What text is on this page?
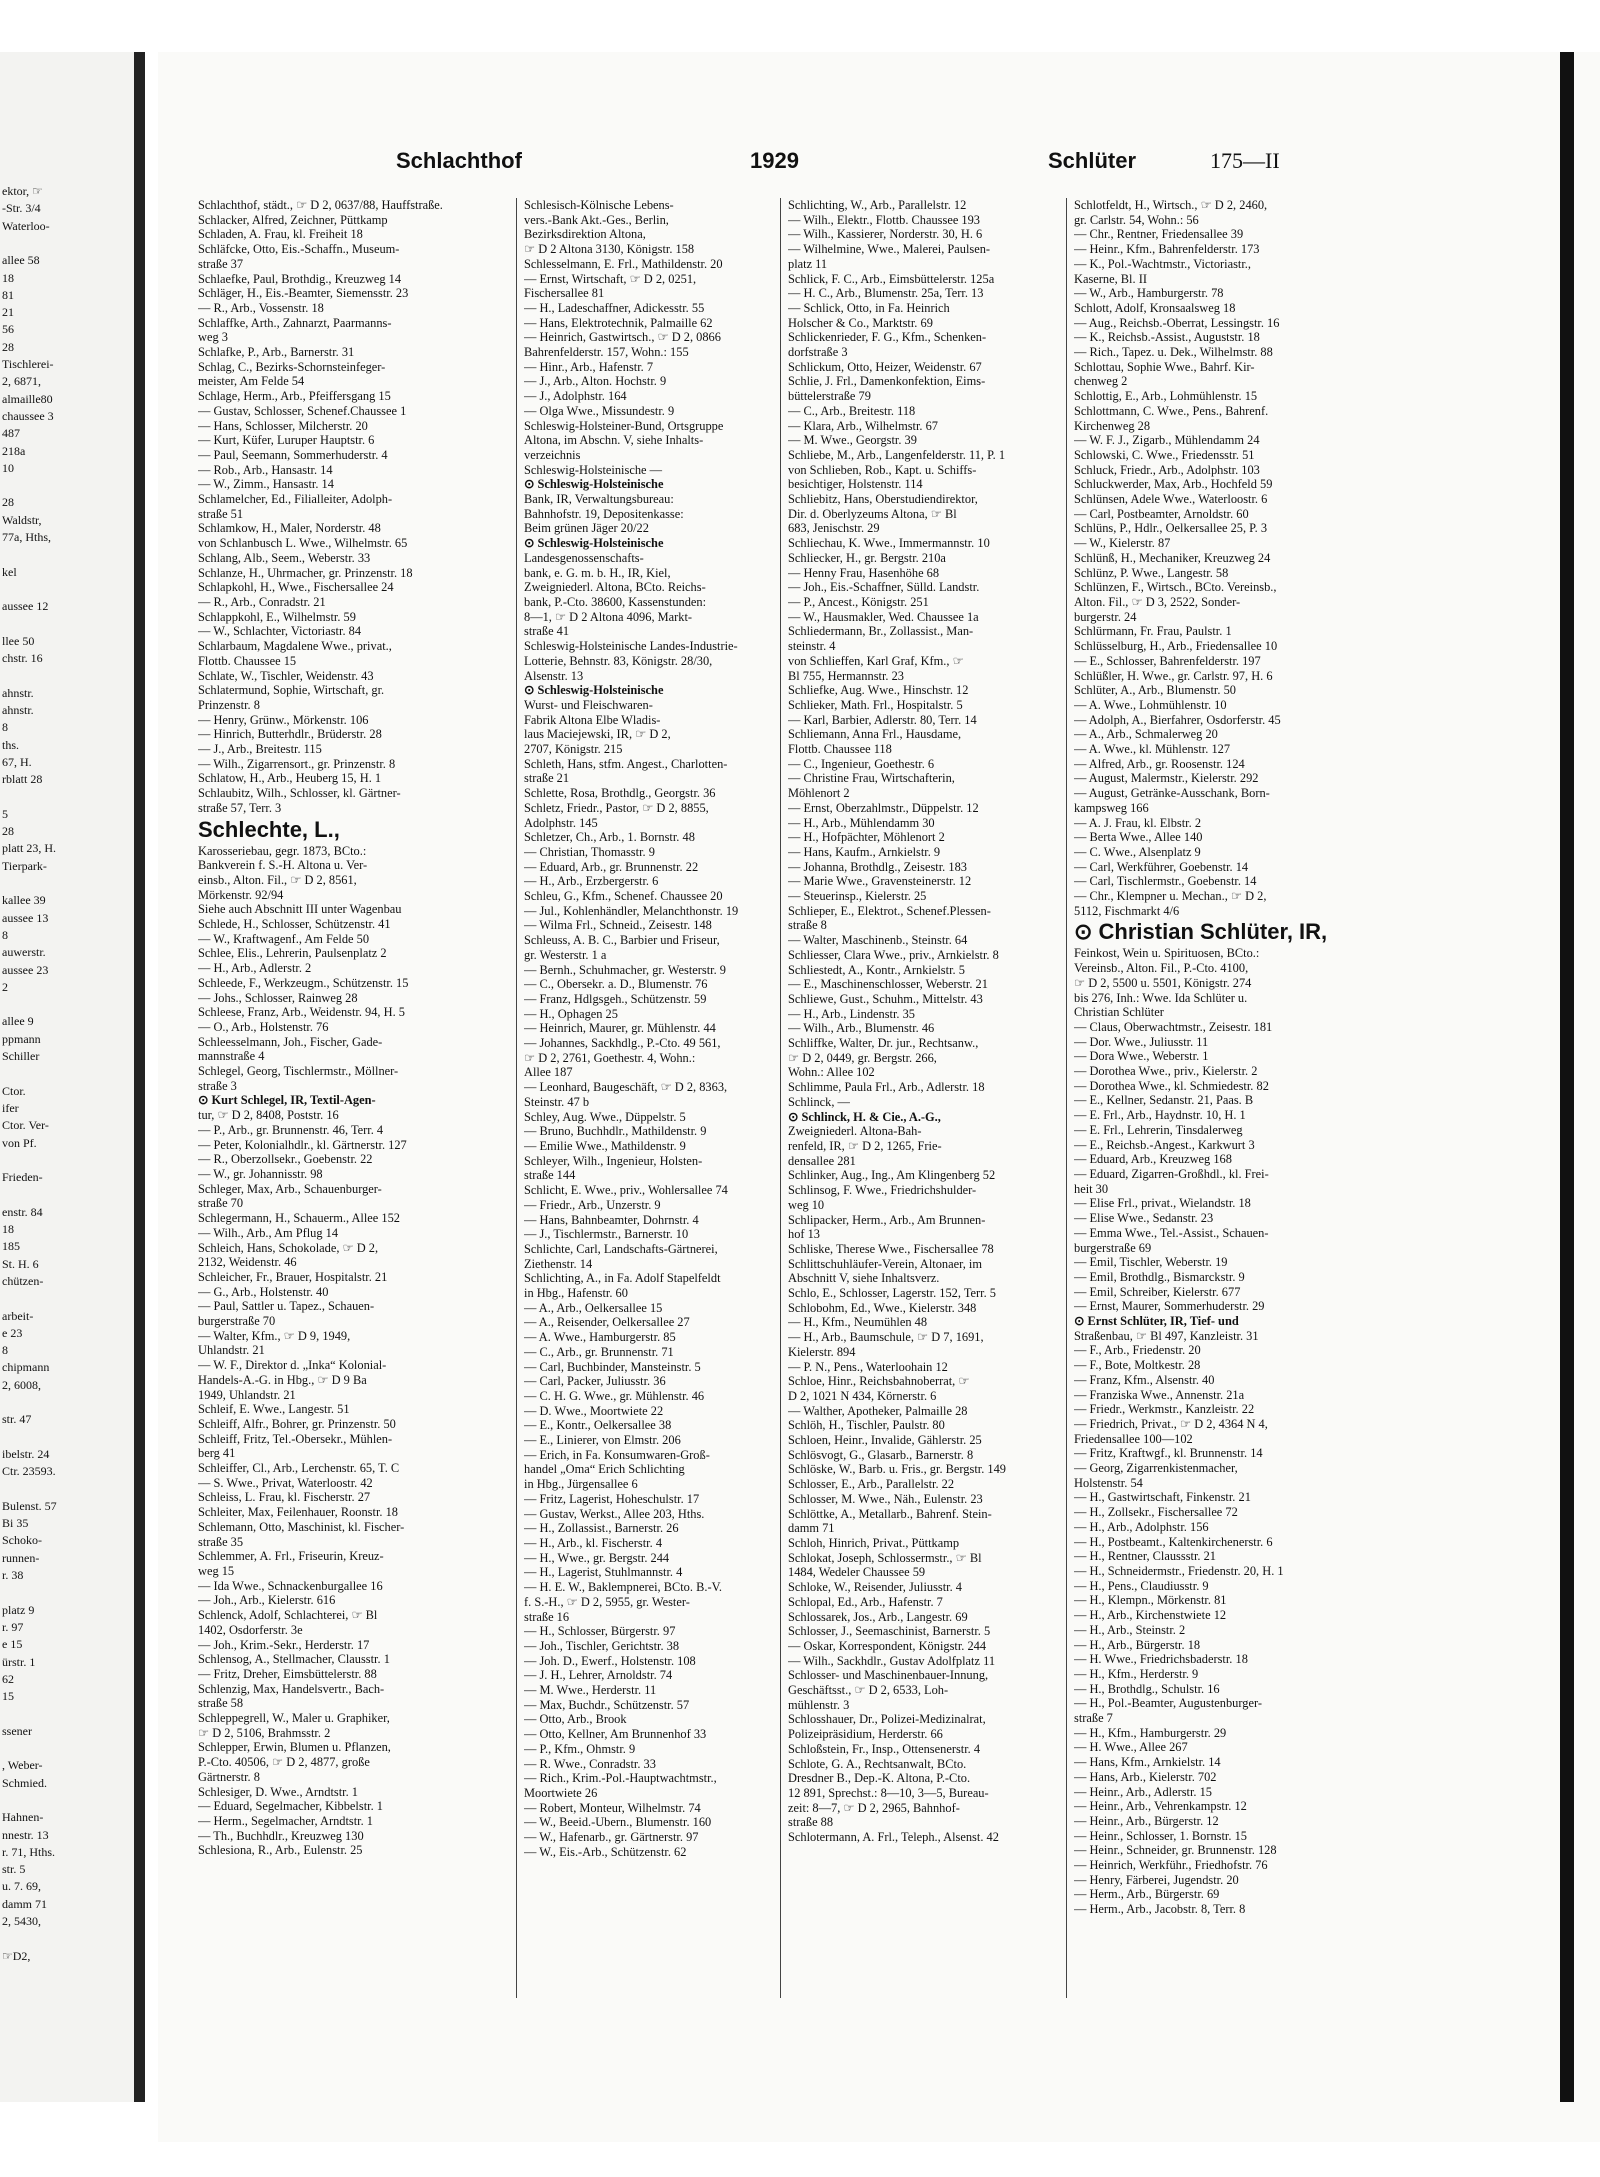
ektor, ☞
-Str. 3/4
Waterloo-
allee 58
18
81
21
56
28
Tischlerei-
2, 6871,
almaille80
chaussee 3
487
218a
10
28
Waldstr,
77a, Hths,
kel
aussee 12
llee 50
chstr. 16
ahnstr.
ahnstr.
8
ths.
67, H.
rblatt 28
5
28
platt 23, H.
Tierpark-
kallee 39
aussee 13
8
auwerstr.
aussee 23
2
allee 9
ppmann
Schiller
Ctor.
ifer
Ctor. Ver-
von Pf.
Frieden-
enstr. 84
18
185
St. H. 6
chützen-
arbeit-
e 23
8
chipmann
2, 6008,
str. 47
ibelstr. 24
Ctr. 23593.
Bulenst. 57
Bi 35
Schoko-
runnen-
r. 38
platz 9
r. 97
e 15
ürstr. 1
62
15
ssener
, Weber-
Schmied.
Hahnen-
nnestr. 13
r. 71, Hths.
str. 5
u. 7. 69,
damm 71
2, 5430,
☞D2,
Schlachthof	1929	Schlüter	175—II
Schlachthof, städt., ☞ D 2, 0637/88, Hauffstraße.
Schlacker, Alfred, Zeichner, Püttkamp
Schladen, A. Frau, kl. Freiheit 18
Schläfcke, Otto, Eis.-Schaffn., Museum-
straße 37
Schlaefke, Paul, Brothdig., Kreuzweg 14
Schläger, H., Eis.-Beamter, Siemensstr. 23
— R., Arb., Vossenstr. 18
Schlaffke, Arth., Zahnarzt, Paarmanns-
weg 3
Schlafke, P., Arb., Barnerstr. 31
Schlag, C., Bezirks-Schornsteinfeger-
meister, Am Felde 54
Schlage, Herm., Arb., Pfeiffersgang 15
— Gustav, Schlosser, Schenef.Chaussee 1
— Hans, Schlosser, Milcherstr. 20
— Kurt, Küfer, Luruper Hauptstr. 6
— Paul, Seemann, Sommerhuderstr. 4
— Rob., Arb., Hansastr. 14
— W., Zimm., Hansastr. 14
Schlamelcher, Ed., Filialleiter, Adolph-
straße 51
Schlamkow, H., Maler, Norderstr. 48
von Schlanbusch L. Wwe., Wilhelmstr. 65
Schlang, Alb., Seem., Weberstr. 33
Schlanze, H., Uhrmacher, gr. Prinzenstr. 18
Schlapkohl, H., Wwe., Fischersallee 24
— R., Arb., Conradstr. 21
Schlappkohl, E., Wilhelmstr. 59
— W., Schlachter, Victoriastr. 84
Schlarbaum, Magdalene Wwe., privat.,
Flottb. Chaussee 15
Schlate, W., Tischler, Weidenstr. 43
Schlatermund, Sophie, Wirtschaft, gr.
Prinzenstr. 8
— Henry, Grünw., Mörkenstr. 106
— Hinrich, Butterhdlr., Brüderstr. 28
— J., Arb., Breitestr. 115
— Wilh., Zigarrensort., gr. Prinzenstr. 8
Schlatow, H., Arb., Heuberg 15, H. 1
Schlaubitz, Wilh., Schlosser, kl. Gärtner-
straße 57, Terr. 3
Schlechte, L.,
Karosseriebau, gegr. 1873, BCto.:
Bankverein f. S.-H. Altona u. Ver-
einsb., Alton. Fil., ☞ D 2, 8561,
Mörkenstr. 92/94
Siehe auch Abschnitt III unter Wagenbau
Schlede, H., Schlosser, Schützenstr. 41
— W., Kraftwagenf., Am Felde 50
Schlee, Elis., Lehrerin, Paulsenplatz 2
— H., Arb., Adlerstr. 2
Schleede, F., Werkzeugm., Schützenstr. 15
— Johs., Schlosser, Rainweg 28
Schleese, Franz, Arb., Weidenstr. 94, H. 5
— O., Arb., Holstenstr. 76
Schleesselmann, Joh., Fischer, Gade-
mannstraße 4
Schlegel, Georg, Tischlermstr., Möllner-
straße 3
⊙ Kurt Schlegel, IR, Textil-Agen-
tur, ☞ D 2, 8408, Poststr. 16
— P., Arb., gr. Brunnenstr. 46, Terr. 4
— Peter, Kolonialhdlr., kl. Gärtnerstr. 127
— R., Oberzollsekr., Goebenstr. 22
— W., gr. Johannisstr. 98
Schleger, Max, Arb., Schauenburger-
straße 70
Schlegermann, H., Schauerm., Allee 152
— Wilh., Arb., Am Pflug 14
Schleich, Hans, Schokolade, ☞ D 2,
2132, Weidenstr. 46
Schleicher, Fr., Brauer, Hospitalstr. 21
— G., Arb., Holstenstr. 40
— Paul, Sattler u. Tapez., Schauen-
burgerstraße 70
— Walter, Kfm., ☞ D 9, 1949,
Uhlandstr. 21
— W. F., Direktor d. „Inka“ Kolonial-
Handels-A.-G. in Hbg., ☞ D 9 Ba
1949, Uhlandstr. 21
Schleif, E. Wwe., Langestr. 51
Schleiff, Alfr., Bohrer, gr. Prinzenstr. 50
Schleiff, Fritz, Tel.-Obersekr., Mühlen-
berg 41
Schleiffer, Cl., Arb., Lerchenstr. 65, T. C
— S. Wwe., Privat, Waterloostr. 42
Schleiss, L. Frau, kl. Fischerstr. 27
Schleiter, Max, Feilenhauer, Roonstr. 18
Schlemann, Otto, Maschinist, kl. Fischer-
straße 35
Schlemmer, A. Frl., Friseurin, Kreuz-
weg 15
— Ida Wwe., Schnackenburgallee 16
— Joh., Arb., Kielerstr. 616
Schlenck, Adolf, Schlachterei, ☞ Bl
1402, Osdorferstr. 3e
— Joh., Krim.-Sekr., Herderstr. 17
Schlensog, A., Stellmacher, Clausstr. 1
— Fritz, Dreher, Eimsbüttelerstr. 88
Schlenzig, Max, Handelsvertr., Bach-
straße 58
Schleppegrell, W., Maler u. Graphiker,
☞ D 2, 5106, Brahmsstr. 2
Schlepper, Erwin, Blumen u. Pflanzen,
P.-Cto. 40506, ☞ D 2, 4877, große
Gärtnerstr. 8
Schlesiger, D. Wwe., Arndtstr. 1
— Eduard, Segelmacher, Kibbelstr. 1
— Herm., Segelmacher, Arndtstr. 1
— Th., Buchhdlr., Kreuzweg 130
Schlesiona, R., Arb., Eulenstr. 25
Schlesisch-Kölnische Lebens-
vers.-Bank Akt.-Ges., Berlin,
Bezirksdirektion Altona,
☞ D 2 Altona 3130, Königstr. 158
Schlesselmann, E. Frl., Mathildenstr. 20
— Ernst, Wirtschaft, ☞ D 2, 0251,
Fischersallee 81
— H., Ladeschaffner, Adickesstr. 55
— Hans, Elektrotechnik, Palmaille 62
— Heinrich, Gastwirtsch., ☞ D 2, 0866
Bahrenfelderstr. 157, Wohn.: 155
— Hinr., Arb., Hafenstr. 7
— J., Arb., Alton. Hochstr. 9
— J., Adolphstr. 164
— Olga Wwe., Missundestr. 9
Schleswig-Holsteiner-Bund, Ortsgruppe
Altona, im Abschn. V, siehe Inhalts-
verzeichnis
Schleswig-Holsteinische —
⊙ Schleswig-Holsteinische
Bank, IR, Verwaltungsbureau:
Bahnhofstr. 19, Depositenkasse:
Beim grünen Jäger 20/22
⊙ Schleswig-Holsteinische
Landesgenossenschafts-
bank, e. G. m. b. H., IR, Kiel,
Zweigniederl. Altona, BCto. Reichs-
bank, P.-Cto. 38600, Kassenstunden:
8—1, ☞ D 2 Altona 4096, Markt-
straße 41
Schleswig-Holsteinische Landes-Industrie-
Lotterie, Behnstr. 83, Königstr. 28/30,
Alsenstr. 13
⊙ Schleswig-Holsteinische
Wurst- und Fleischwaren-
Fabrik Altona Elbe Wladis-
laus Maciejewski, IR, ☞ D 2,
2707, Königstr. 215
Schleth, Hans, stfm. Angest., Charlotten-
straße 21
Schlette, Rosa, Brothdlg., Georgstr. 36
Schletz, Friedr., Pastor, ☞ D 2, 8855,
Adolphstr. 145
Schletzer, Ch., Arb., 1. Bornstr. 48
— Christian, Thomasstr. 9
— Eduard, Arb., gr. Brunnenstr. 22
— H., Arb., Erzbergerstr. 6
Schleu, G., Kfm., Schenef. Chaussee 20
— Jul., Kohlenhändler, Melanchthonstr. 19
— Wilma Frl., Schneid., Zeisestr. 148
Schleuss, A. B. C., Barbier und Friseur,
gr. Westerstr. 1 a
— Bernh., Schuhmacher, gr. Westerstr. 9
— C., Obersekr. a. D., Blumenstr. 76
— Franz, Hdlgsgeh., Schützenstr. 59
— H., Ophagen 25
— Heinrich, Maurer, gr. Mühlenstr. 44
— Johannes, Sackhdlg., P.-Cto. 49 561,
☞ D 2, 2761, Goethestr. 4, Wohn.:
Allee 187
— Leonhard, Baugeschäft, ☞ D 2, 8363,
Steinstr. 47 b
Schley, Aug. Wwe., Düppelstr. 5
— Bruno, Buchhdlr., Mathildenstr. 9
— Emilie Wwe., Mathildenstr. 9
Schleyer, Wilh., Ingenieur, Holsten-
straße 144
Schlicht, E. Wwe., priv., Wohlersallee 74
— Friedr., Arb., Unzerstr. 9
— Hans, Bahnbeamter, Dohrnstr. 4
— J., Tischlermstr., Barnerstr. 10
Schlichte, Carl, Landschafts-Gärtnerei,
Ziethenstr. 14
Schlichting, A., in Fa. Adolf Stapelfeldt
in Hbg., Hafenstr. 60
— A., Arb., Oelkersallee 15
— A., Reisender, Oelkersallee 27
— A. Wwe., Hamburgerstr. 85
— C., Arb., gr. Brunnenstr. 71
— Carl, Buchbinder, Mansteinstr. 5
— Carl, Packer, Juliusstr. 36
— C. H. G. Wwe., gr. Mühlenstr. 46
— D. Wwe., Moortwiete 22
— E., Kontr., Oelkersallee 38
— E., Linierer, von Elmstr. 206
— Erich, in Fa. Konsumwaren-Groß-
handel „Oma“ Erich Schlichting
in Hbg., Jürgensallee 6
— Fritz, Lagerist, Hoheschulstr. 17
— Gustav, Werkst., Allee 203, Hths.
— H., Zollassist., Barnerstr. 26
— H., Arb., kl. Fischerstr. 4
— H., Wwe., gr. Bergstr. 244
— H., Lagerist, Stuhlmannstr. 4
— H. E. W., Baklempnerei, BCto. B.-V.
f. S.-H., ☞ D 2, 5955, gr. Wester-
straße 16
— H., Schlosser, Bürgerstr. 97
— Joh., Tischler, Gerichtstr. 38
— Joh. D., Ewerf., Holstenstr. 108
— J. H., Lehrer, Arnoldstr. 74
— M. Wwe., Herderstr. 11
— Max, Buchdr., Schützenstr. 57
— Otto, Arb., Brook
— Otto, Kellner, Am Brunnenhof 33
— P., Kfm., Ohmstr. 9
— R. Wwe., Conradstr. 33
— Rich., Krim.-Pol.-Hauptwachtmstr.,
Moortwiete 26
— Robert, Monteur, Wilhelmstr. 74
— W., Beeid.-Ubern., Blumenstr. 160
— W., Hafenarb., gr. Gärtnerstr. 97
— W., Eis.-Arb., Schützenstr. 62
Schlichting, W., Arb., Parallelstr. 12
— Wilh., Elektr., Flottb. Chaussee 193
— Wilh., Kassierer, Norderstr. 30, H. 6
— Wilhelmine, Wwe., Malerei, Paulsen-
platz 11
Schlick, F. C., Arb., Eimsbüttelerstr. 125a
— H. C., Arb., Blumenstr. 25a, Terr. 13
— Schlick, Otto, in Fa. Heinrich
Holscher & Co., Marktstr. 69
Schlickenrieder, F. G., Kfm., Schenken-
dorfstraße 3
Schlickum, Otto, Heizer, Weidenstr. 67
Schlie, J. Frl., Damenkonfektion, Eims-
büttelerstraße 79
— C., Arb., Breitestr. 118
— Klara, Arb., Wilhelmstr. 67
— M. Wwe., Georgstr. 39
Schliebe, M., Arb., Langenfelderstr. 11, P. 1
von Schlieben, Rob., Kapt. u. Schiffs-
besichtiger, Holstenstr. 114
Schliebitz, Hans, Oberstudiendirektor,
Dir. d. Oberlyzeums Altona, ☞ Bl
683, Jenischstr. 29
Schliechau, K. Wwe., Immermannstr. 10
Schliecker, H., gr. Bergstr. 210a
— Henny Frau, Hasenhöhe 68
— Joh., Eis.-Schaffner, Sülld. Landstr.
— P., Ancest., Königstr. 251
— W., Hausmakler, Wed. Chaussee 1a
Schliedermann, Br., Zollassist., Man-
steinstr. 4
von Schlieffen, Karl Graf, Kfm., ☞
Bl 755, Hermannstr. 23
Schliefke, Aug. Wwe., Hinschstr. 12
Schlieker, Math. Frl., Hospitalstr. 5
— Karl, Barbier, Adlerstr. 80, Terr. 14
Schliemann, Anna Frl., Hausdame,
Flottb. Chaussee 118
— C., Ingenieur, Goethestr. 6
— Christine Frau, Wirtschafterin,
Möhlenort 2
— Ernst, Oberzahlmstr., Düppelstr. 12
— H., Arb., Mühlendamm 30
— H., Hofpächter, Möhlenort 2
— Hans, Kaufm., Arnkielstr. 9
— Johanna, Brothdlg., Zeisestr. 183
— Marie Wwe., Gravensteinerstr. 12
— Steuerinsp., Kielerstr. 25
Schlieper, E., Elektrot., Schenef.Plessen-
straße 8
— Walter, Maschinenb., Steinstr. 64
Schliesser, Clara Wwe., priv., Arnkielstr. 8
Schliestedt, A., Kontr., Arnkielstr. 5
— E., Maschinenschlosser, Weberstr. 21
Schliewe, Gust., Schuhm., Mittelstr. 43
— H., Arb., Lindenstr. 35
— Wilh., Arb., Blumenstr. 46
Schliffke, Walter, Dr. jur., Rechtsanw.,
☞ D 2, 0449, gr. Bergstr. 266,
Wohn.: Allee 102
Schlimme, Paula Frl., Arb., Adlerstr. 18
Schlinck, —
⊙ Schlinck, H. & Cie., A.-G.,
Zweigniederl. Altona-Bah-
renfeld, IR, ☞ D 2, 1265, Frie-
densallee 281
Schlinker, Aug., Ing., Am Klingenberg 52
Schlinsog, F. Wwe., Friedrichshulder-
weg 10
Schlipacker, Herm., Arb., Am Brunnen-
hof 13
Schliske, Therese Wwe., Fischersallee 78
Schlittschuhläufer-Verein, Altonaer, im
Abschnitt V, siehe Inhaltsverz.
Schlo, E., Schlosser, Lagerstr. 152, Terr. 5
Schlobohm, Ed., Wwe., Kielerstr. 348
— H., Kfm., Neumühlen 48
— H., Arb., Baumschule, ☞ D 7, 1691,
Kielerstr. 894
— P. N., Pens., Waterloohain 12
Schloe, Hinr., Reichsbahnoberrat, ☞
D 2, 1021 N 434, Körnerstr. 6
— Walther, Apotheker, Palmaille 28
Schlöh, H., Tischler, Paulstr. 80
Schloen, Heinr., Invalide, Gählerstr. 25
Schlösvogt, G., Glasarb., Barnerstr. 8
Schlöske, W., Barb. u. Fris., gr. Bergstr. 149
Schlosser, E., Arb., Parallelstr. 22
Schlosser, M. Wwe., Näh., Eulenstr. 23
Schlöttke, A., Metallarb., Bahrenf. Stein-
damm 71
Schloh, Hinrich, Privat., Püttkamp
Schlokat, Joseph, Schlossermstr., ☞ Bl
1484, Wedeler Chaussee 59
Schloke, W., Reisender, Juliusstr. 4
Schlopal, Ed., Arb., Hafenstr. 7
Schlossarek, Jos., Arb., Langestr. 69
Schlosser, J., Seemaschinist, Barnerstr. 5
— Oskar, Korrespondent, Königstr. 244
— Wilh., Sackhdlr., Gustav Adolfplatz 11
Schlosser- und Maschinenbauer-Innung,
Geschäftsst., ☞ D 2, 6533, Loh-
mühlenstr. 3
Schlosshauer, Dr., Polizei-Medizinalrat,
Polizeipräsidium, Herderstr. 66
Schloßstein, Fr., Insp., Ottensenerstr. 4
Schlote, G. A., Rechtsanwalt, BCto.
Dresdner B., Dep.-K. Altona, P.-Cto.
12 891, Sprechst.: 8—10, 3—5, Bureau-
zeit: 8—7, ☞ D 2, 2965, Bahnhof-
straße 88
Schlotermann, A. Frl., Teleph., Alsenst. 42
Schlotfeldt, H., Wirtsch., ☞ D 2, 2460,
gr. Carlstr. 54, Wohn.: 56
— Chr., Rentner, Friedensallee 39
— Heinr., Kfm., Bahrenfelderstr. 173
— K., Pol.-Wachtmstr., Victoriastr.,
Kaserne, Bl. II
— W., Arb., Hamburgerstr. 78
Schlott, Adolf, Kronsaalsweg 18
— Aug., Reichsb.-Oberrat, Lessingstr. 16
— K., Reichsb.-Assist., Auguststr. 18
— Rich., Tapez. u. Dek., Wilhelmstr. 88
Schlottau, Sophie Wwe., Bahrf. Kir-
chenweg 2
Schlottig, E., Arb., Lohmühlenstr. 15
Schlottmann, C. Wwe., Pens., Bahrenf.
Kirchenweg 28
— W. F. J., Zigarb., Mühlendamm 24
Schlowski, C. Wwe., Friedensstr. 51
Schluck, Friedr., Arb., Adolphstr. 103
Schluckwerder, Max, Arb., Hochfeld 59
Schlünsen, Adele Wwe., Waterloostr. 6
— Carl, Postbeamter, Arnoldstr. 60
Schlüns, P., Hdlr., Oelkersallee 25, P. 3
— W., Kielerstr. 87
Schlünß, H., Mechaniker, Kreuzweg 24
Schlünz, P. Wwe., Langestr. 58
Schlünzen, F., Wirtsch., BCto. Vereinsb.,
Alton. Fil., ☞ D 3, 2522, Sonder-
burgerstr. 24
Schlürmann, Fr. Frau, Paulstr. 1
Schlüsselburg, H., Arb., Friedensallee 10
— E., Schlosser, Bahrenfelderstr. 197
Schlüßler, H. Wwe., gr. Carlstr. 97, H. 6
Schlüter, A., Arb., Blumenstr. 50
— A. Wwe., Lohmühlenstr. 10
— Adolph, A., Bierfahrer, Osdorferstr. 45
— A., Arb., Schmalerweg 20
— A. Wwe., kl. Mühlenstr. 127
— Alfred, Arb., gr. Roosenstr. 124
— August, Malermstr., Kielerstr. 292
— August, Getränke-Ausschank, Born-
kampsweg 166
— A. J. Frau, kl. Elbstr. 2
— Berta Wwe., Allee 140
— C. Wwe., Alsenplatz 9
— Carl, Werkführer, Goebenstr. 14
— Carl, Tischlermstr., Goebenstr. 14
— Chr., Klempner u. Mechan., ☞ D 2,
5112, Fischmarkt 4/6
⊙ Christian Schlüter, IR,
Feinkost, Wein u. Spirituosen, BCto.:
Vereinsb., Alton. Fil., P.-Cto. 4100,
☞ D 2, 5500 u. 5501, Königstr. 274
bis 276, Inh.: Wwe. Ida Schlüter u.
Christian Schlüter
— Claus, Oberwachtmstr., Zeisestr. 181
— Dor. Wwe., Juliusstr. 11
— Dora Wwe., Weberstr. 1
— Dorothea Wwe., priv., Kielerstr. 2
— Dorothea Wwe., kl. Schmiedestr. 82
— E., Kellner, Sedanstr. 21, Paas. B
— E. Frl., Arb., Haydnstr. 10, H. 1
— E. Frl., Lehrerin, Tinsdalerweg
— E., Reichsb.-Angest., Karkwurt 3
— Eduard, Arb., Kreuzweg 168
— Eduard, Zigarren-Großhdl., kl. Frei-
heit 30
— Elise Frl., privat., Wielandstr. 18
— Elise Wwe., Sedanstr. 23
— Emma Wwe., Tel.-Assist., Schauen-
burgerstraße 69
— Emil, Tischler, Weberstr. 19
— Emil, Brothdlg., Bismarckstr. 9
— Emil, Schreiber, Kielerstr. 677
— Ernst, Maurer, Sommerhuderstr. 29
⊙ Ernst Schlüter, IR, Tief- und
Straßenbau, ☞ Bl 497, Kanzleistr. 31
— F., Arb., Friedenstr. 20
— F., Bote, Moltkestr. 28
— Franz, Kfm., Alsenstr. 40
— Franziska Wwe., Annenstr. 21a
— Friedr., Werkmstr., Kanzleistr. 22
— Friedrich, Privat., ☞ D 2, 4364 N 4,
Friedensallee 100—102
— Fritz, Kraftwgf., kl. Brunnenstr. 14
— Georg, Zigarrenkistenmacher,
Holstenstr. 54
— H., Gastwirtschaft, Finkenstr. 21
— H., Zollsekr., Fischersallee 72
— H., Arb., Adolphstr. 156
— H., Postbeamt., Kaltenkirchenerstr. 6
— H., Rentner, Claussstr. 21
— H., Schneidermstr., Friedenstr. 20, H. 1
— H., Pens., Claudiusstr. 9
— H., Klempn., Mörkenstr. 81
— H., Arb., Kirchenstwiete 12
— H., Arb., Steinstr. 2
— H., Arb., Bürgerstr. 18
— H. Wwe., Friedrichsbaderstr. 18
— H., Kfm., Herderstr. 9
— H., Brothdlg., Schulstr. 16
— H., Pol.-Beamter, Augustenburger-
straße 7
— H., Kfm., Hamburgerstr. 29
— H. Wwe., Allee 267
— Hans, Kfm., Arnkielstr. 14
— Hans, Arb., Kielerstr. 702
— Heinr., Arb., Adlerstr. 15
— Heinr., Arb., Vehrenkampstr. 12
— Heinr., Arb., Bürgerstr. 12
— Heinr., Schlosser, 1. Bornstr. 15
— Heinr., Schneider, gr. Brunnenstr. 128
— Heinrich, Werkführ., Friedhofstr. 76
— Henry, Färberei, Jugendstr. 20
— Herm., Arb., Bürgerstr. 69
— Herm., Arb., Jacobstr. 8, Terr. 8
